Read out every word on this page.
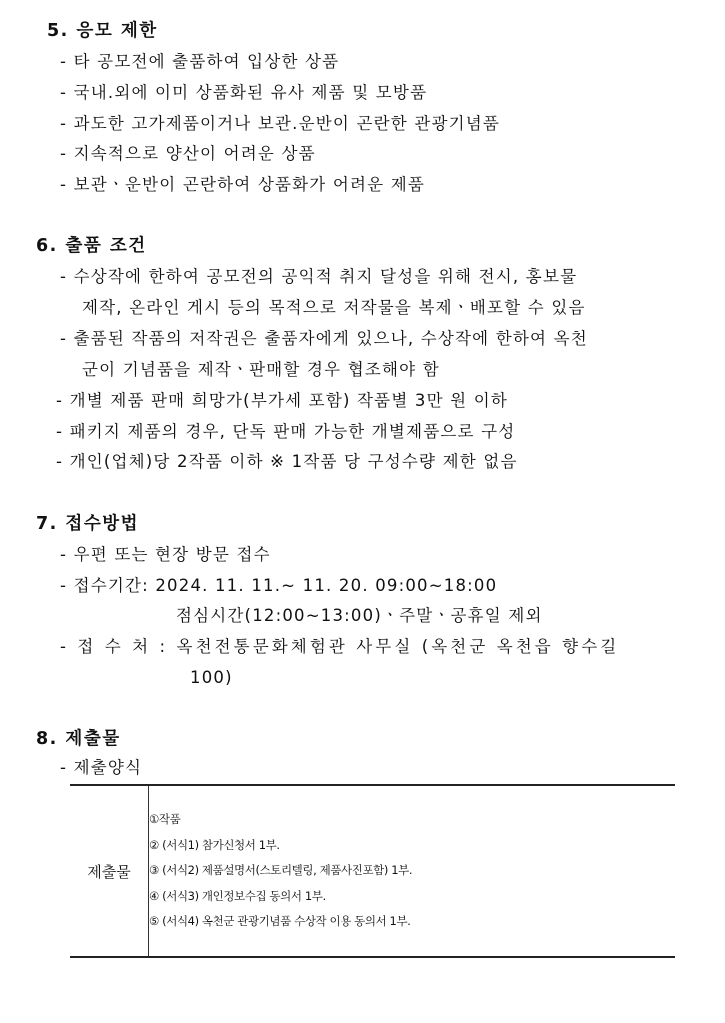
5. 응모 제한
- 타 공모전에 출품하여 입상한 상품
- 국내.외에 이미 상품화된 유사 제품 및 모방품
- 과도한 고가제품이거나 보관.운반이 곤란한 관광기념품
- 지속적으로 양산이 어려운 상품
- 보관ㆍ운반이 곤란하여 상품화가 어려운 제품
6. 출품 조건
- 수상작에 한하여 공모전의 공익적 취지 달성을 위해 전시, 홍보물
제작, 온라인 게시 등의 목적으로 저작물을 복제ㆍ배포할 수 있음
- 출품된 작품의 저작권은 출품자에게 있으나, 수상작에 한하여 옥천
군이 기념품을 제작ㆍ판매할 경우 협조해야 함
- 개별 제품 판매 희망가(부가세 포함) 작품별 3만 원 이하
- 패키지 제품의 경우, 단독 판매 가능한 개별제품으로 구성
- 개인(업체)당 2작품 이하 ※ 1작품 당 구성수량 제한 없음
7. 접수방법
- 우편 또는 현장 방문 접수
- 접수기간: 2024. 11. 11.~ 11. 20. 09:00~18:00
점심시간(12:00~13:00)ㆍ주말ㆍ공휴일 제외
- 접 수 처 : 옥천전통문화체험관 사무실 (옥천군 옥천읍 향수길
100)
8. 제출물
- 제출양식
제출물	
①작품
② (서식1) 참가신청서 1부.
③ (서식2) 제품설명서(스토리텔링, 제품사진포함) 1부.
④ (서식3) 개인정보수집 동의서 1부.
⑤ (서식4) 옥천군 관광기념품 수상작 이용 동의서 1부.
